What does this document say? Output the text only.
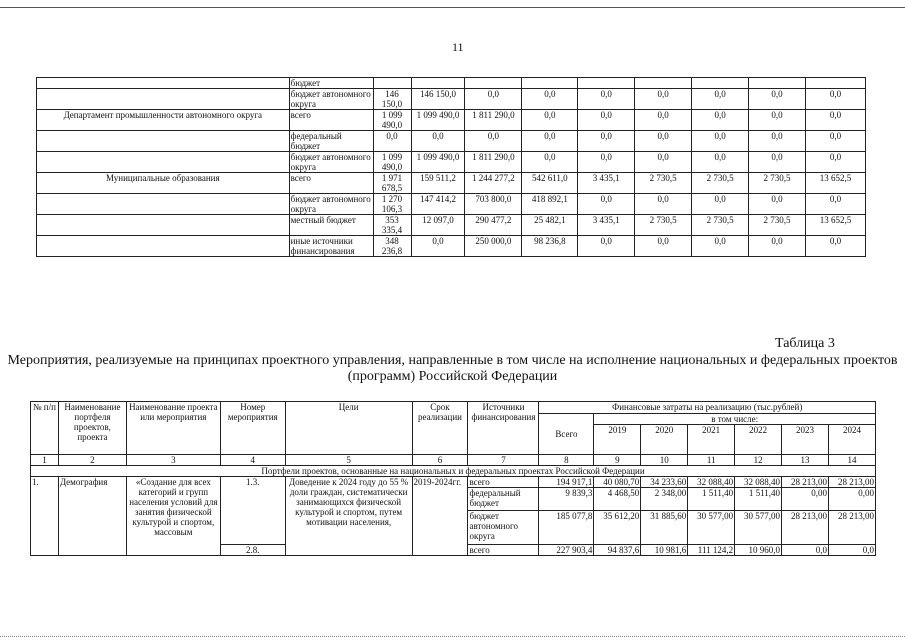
11
	бюджет									
	бюджет автономного округа	146 150,0	146 150,0	0,0	0,0	0,0	0,0	0,0	0,0	0,0
Департамент промышленности автономного округа	всего	1 099 490,0	1 099 490,0	1 811 290,0	0,0	0,0	0,0	0,0	0,0	0,0
	федеральный бюджет	0,0	0,0	0,0	0,0	0,0	0,0	0,0	0,0	0,0
	бюджет автономного округа	1 099 490,0	1 099 490,0	1 811 290,0	0,0	0,0	0,0	0,0	0,0	0,0
Муниципальные образования	всего	1 971 678,5	159 511,2	1 244 277,2	542 611,0	3 435,1	2 730,5	2 730,5	2 730,5	13 652,5
	бюджет автономного округа	1 270 106,3	147 414,2	703 800,0	418 892,1	0,0	0,0	0,0	0,0	0,0
	местный бюджет	353 335,4	12 097,0	290 477,2	25 482,1	3 435,1	2 730,5	2 730,5	2 730,5	13 652,5
	иные источники финансирования	348 236,8	0,0	250 000,0	98 236,8	0,0	0,0	0,0	0,0	0,0
Таблица 3
Мероприятия, реализуемые на принципах проектного управления, направленные в том числе на исполнение национальных и федеральных проектов (программ) Российской Федерации
№ п/п	Наименование портфеля проектов, проекта	Наименование проекта или мероприятия	Номер мероприятия	Цели	Срок реализации	Источники финансирования	Финансовые затраты на реализацию (тыс.рублей)						
							Всего	в том числе:					
								2019	2020	2021	2022	2023	2024
1	2	3	4	5	6	7	8	9	10	11	12	13	14
Портфели проектов, основанные на национальных и федеральных проектах Российской Федерации													
1.	Демография	«Создание для всех категорий и групп населения условий для занятия физической культурой и спортом, массовым	1.3.	Доведение к 2024 году до 55 % доли граждан, систематически занимающихся физической культурой и спортом, путем мотивации населения,	2019-2024гг.	всего	194 917,1	40 080,70	34 233,60	32 088,40	32 088,40	28 213,00	28 213,00
						федеральный бюджет	9 839,3	4 468,50	2 348,00	1 511,40	1 511,40	0,00	0,00
						бюджет автономного округа	185 077,8	35 612,20	31 885,60	30 577,00	30 577,00	28 213,00	28 213,00
			2.8.			всего	227 903,4	94 837,6	10 981,6	111 124,2	10 960,0	0,0	0,0
